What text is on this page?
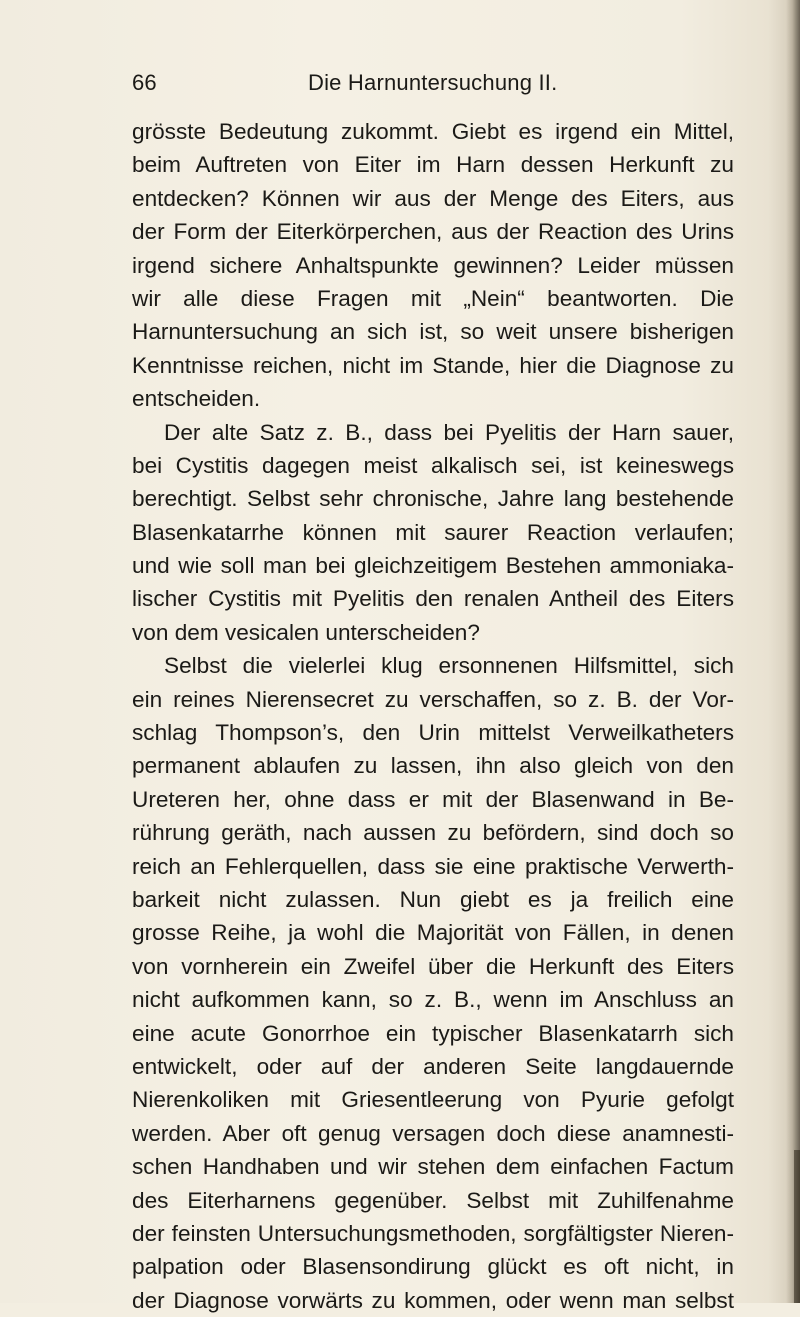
66	Die Harnuntersuchung II.
grösste Bedeutung zukommt. Giebt es irgend ein Mittel,
beim Auftreten von Eiter im Harn dessen Herkunft zu
entdecken? Können wir aus der Menge des Eiters, aus
der Form der Eiterkörperchen, aus der Reaction des Urins
irgend sichere Anhaltspunkte gewinnen? Leider müssen
wir alle diese Fragen mit „Nein“ beantworten. Die
Harnuntersuchung an sich ist, so weit unsere bisherigen
Kenntnisse reichen, nicht im Stande, hier die Diagnose zu
entscheiden.
Der alte Satz z. B., dass bei Pyelitis der Harn sauer,
bei Cystitis dagegen meist alkalisch sei, ist keineswegs
berechtigt. Selbst sehr chronische, Jahre lang bestehende
Blasenkatarrhe können mit saurer Reaction verlaufen;
und wie soll man bei gleichzeitigem Bestehen ammoniaka-
lischer Cystitis mit Pyelitis den renalen Antheil des Eiters
von dem vesicalen unterscheiden?
Selbst die vielerlei klug ersonnenen Hilfsmittel, sich
ein reines Nierensecret zu verschaffen, so z. B. der Vor-
schlag Thompson’s, den Urin mittelst Verweilkatheters
permanent ablaufen zu lassen, ihn also gleich von den
Ureteren her, ohne dass er mit der Blasenwand in Be-
rührung geräth, nach aussen zu befördern, sind doch so
reich an Fehlerquellen, dass sie eine praktische Verwerth-
barkeit nicht zulassen. Nun giebt es ja freilich eine
grosse Reihe, ja wohl die Majorität von Fällen, in denen
von vornherein ein Zweifel über die Herkunft des Eiters
nicht aufkommen kann, so z. B., wenn im Anschluss an
eine acute Gonorrhoe ein typischer Blasenkatarrh sich
entwickelt, oder auf der anderen Seite langdauernde
Nierenkoliken mit Griesentleerung von Pyurie gefolgt
werden. Aber oft genug versagen doch diese anamnesti-
schen Handhaben und wir stehen dem einfachen Factum
des Eiterharnens gegenüber. Selbst mit Zuhilfenahme
der feinsten Untersuchungsmethoden, sorgfältigster Nieren-
palpation oder Blasensondirung glückt es oft nicht, in
der Diagnose vorwärts zu kommen, oder wenn man selbst
